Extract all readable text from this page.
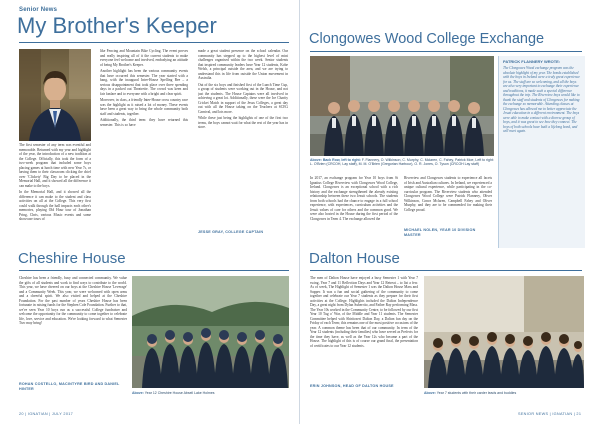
Senior News
My Brother's Keeper

The first semester of any term was eventful and memorable. Returned with my year and highlight of the year, the introduction of a new tradition at the College. Officially, this took the form of a two-week program that included some boys placing games at lunch time with new Year 7s, or having them to their classroom clicking the chief over 'Clickety' Big Day to be placed in the Memorial Hall, and it showed all the difference it can make to the boys.

In the Memorial Hall, and it showed all the difference it can make to the student and class activities on all at the College. This very first could walk through the hall impacts each other's memories, playing Old Hour tour of Jonathan Pring, Chris, various Music events and some showcase tours of

like Fencing and Mountain Bike Cycling. The event proves and really inspiring all of it the current students to make everyone feel welcome and involved, embodying an attitude of being My Brother's Keeper.

Another highlight has been the various community events that have occurred this semester. The year started with a bang, with the inaugural Inter-House Spelling Bee – a serious disappointment that took place over three spending days in a packed out Theatrette. The crowd was keen and fair fanfare and to everyone with a bright and clear spirit.

Moreover, in class, a friendly Inter-House cross country race was the highlight as it raised a lot of money. These events have been a great way to bring the whole community both staff and students, together.

Additionally, the third term: they have returned this semester. This is so have

made a great student presence on the school calendar. Our community has stepped up to the highest level of mini challenges organised within the two week. Senior students that inspired community leaders have Year 12 students, Kobe Welsh, a principal outside the area, and we are trying to understand this in life from outside the Union movement in Australia.

Out of the six boys and finished first of the Lunch Time Cup, a group of students were working out in the House, and not just the students. The House Captains were all involved in achieving a great lot. Additionally, these were the Ice Charity Cricket Match in support of the Jesus Colleges, a great day out with all the House taking on the Teachers at SCEG Carnival, and lots more.

While these just being the highlights of one of the first two terms, the boys cannot wait for what the rest of the year has in store.

JESSE GRAY, COLLEGE CAPTAIN
Clongowes Wood College Exchange
PATRICK FLANNERY WROTE:
The Clongowes Wood exchange program was the absolute highlight of my year. The bonds established with the boys in Ireland were a truly great experience for us. The staff are so welcoming, and all the boys are also very important to exchange their experience and traditions, it made such a special difference throughout the trip. The Riverview boys would like to thank the staff and students of Clongowes for making the exchange so memorable. Attending classes at Clongowes has allowed me to better appreciate the Jesuit education in a different environment. The boys were able to make contact with a diverse group of boys, and it was great to see how they connect. The boys of both schools have built a lifelong bond, and will meet again.
Above: Back Row, left to right: F. Flannery, O. Wilkinson, C. Murphy, C. Mclaren, C. Fahey, Patrick Moe, Left to right: L. O'Brien (CRCOH, Lay staff), M. M. O'Brien (Gregorian Harbour), O. R. Jones, O. Tyson (CRCOH Lay staff)

In 2017, an exchange program for Year 10 boys from St Ignatius College Riverview with Clongowes Wood College, Ireland. Clongowes is an exceptional school with a rich history and the exchange strengthened the already existing relationship between these two Jesuit schools. The students from both schools had the chance to engage in a full school experience, with experiences, curriculum activities and the Jesuit values of care for others and the common good. We were also hosted in the House during the first period of the Clongowes in Term 4. The exchange allowed the

Riverview and Clongowes students to experience all facets of Irish and Australian cultures. In Ireland, we experienced a unique cultural experience, while participating in the co-curricular program. The Riverview students who attended Clongowes Wood College were Patrick Flannery, Oliver Wilkinson, Conor Mclaren, Campbell Fahey and Oliver Murphy, and they are to be commended for making their College proud.

MICHAEL NOLEN, YEAR 10 DIVISION MASTER
Cheshire House

Cheshire has been a friendly, busy and connected community. We value the gifts of all students and work to find ways to contribute to the world. This year, we have cheered on our boys at the Cheshire House 'Leverage' and a Community Week. This year, we were welcomed with open arms and a cheerful spirit. We also visited and helped at the Cheshire Foundation. For the past number of years Cheshire House has been fortunate in raising funds for the Stephen Cole Foundation. Further to that, we've seen Year 10 boys run as a successful College fundraiser and welcome the opportunity for the community to come together to celebrate life, love, service and education. We're looking forward to what Semester Two may bring!

ROHAN COSTELLO, MACINTYRE BIRD AND DANIEL HINTER
Above: Year 12 Cheshire House Abseil Lake Holmes
Dalton House

The men of Dalton House have enjoyed a busy Semester 1 with Year 7 swing, Year 7 and 11 Reflection Days and Year 12 Retreat – to list a few. As of week, The Highlight of Semester 1 was the Dalton House Mass and Supper. It was a fun and social gathering of the community to come together and celebrate our Year 7 students as they prepare for their first activities at the College. Highlights included the Dalton Independence Day, a great night from Dylan Suberrito, and Father Ray performing Mass. The Year 10s worked in the Community Centre, to be followed by our first Year 10 Tug o' War, of the Middle and Year 11 students. The Semester Committee helped with Shiritoseri Dalton Day, a Dalton fun day on the Friday of each Term; this remains one of the most positive occasions of the year. A common theme has been that of our community. In term of the Year 12 students (including their families) who have served as Prefects for the time they have, as well as the Year 12s who became a part of the House. The highlight of this is of course our grand final, the presentation of certificates to our Year 12 students.

ERIN JOHNSON, HEAD OF DALTON HOUSE
Above: Year 7 students with their carder leads and buddies
20 | IGNATIAN | JULY 2017	SENIOR NEWS | IGNATIAN | 21
